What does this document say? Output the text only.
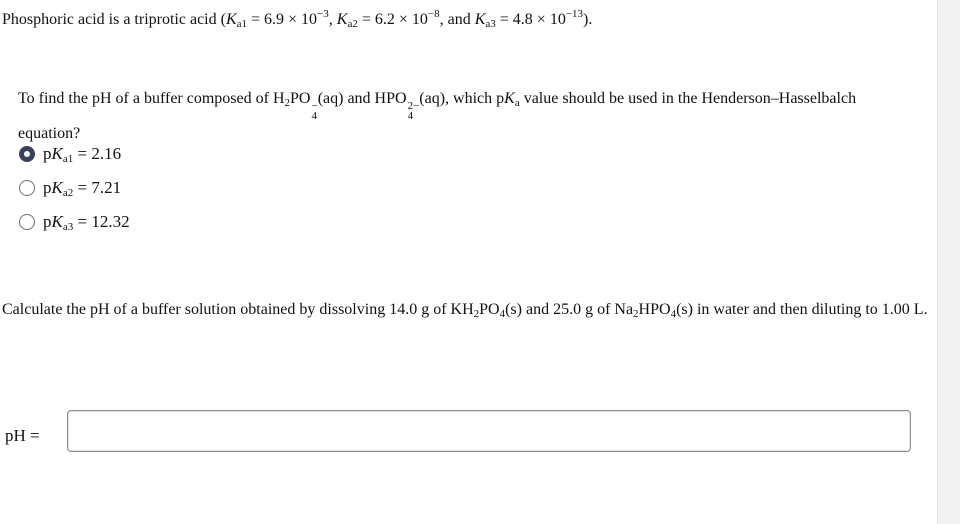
Phosphoric acid is a triprotic acid ($K_{a1} = 6.9 \times 10^{-3}$, $K_{a2} = 6.2 \times 10^{-8}$, and $K_{a3} = 4.8 \times 10^{-13}$).
To find the pH of a buffer composed of $H_2PO$ −
4
(aq) and HPO 2−
4
(aq), which $pK_a$ value should be used in the Henderson–Hasselbalch equation?
$pK_{a1} = 2.16$
$pK_{a2} = 7.21$
$pK_{a3} = 12.32$
Calculate the pH of a buffer solution obtained by dissolving 14.0 g of $KH_2PO_4(s)$ and 25.0 g of $Na_2HPO_4(s)$ in water and then diluting to 1.00 L.
pH =
